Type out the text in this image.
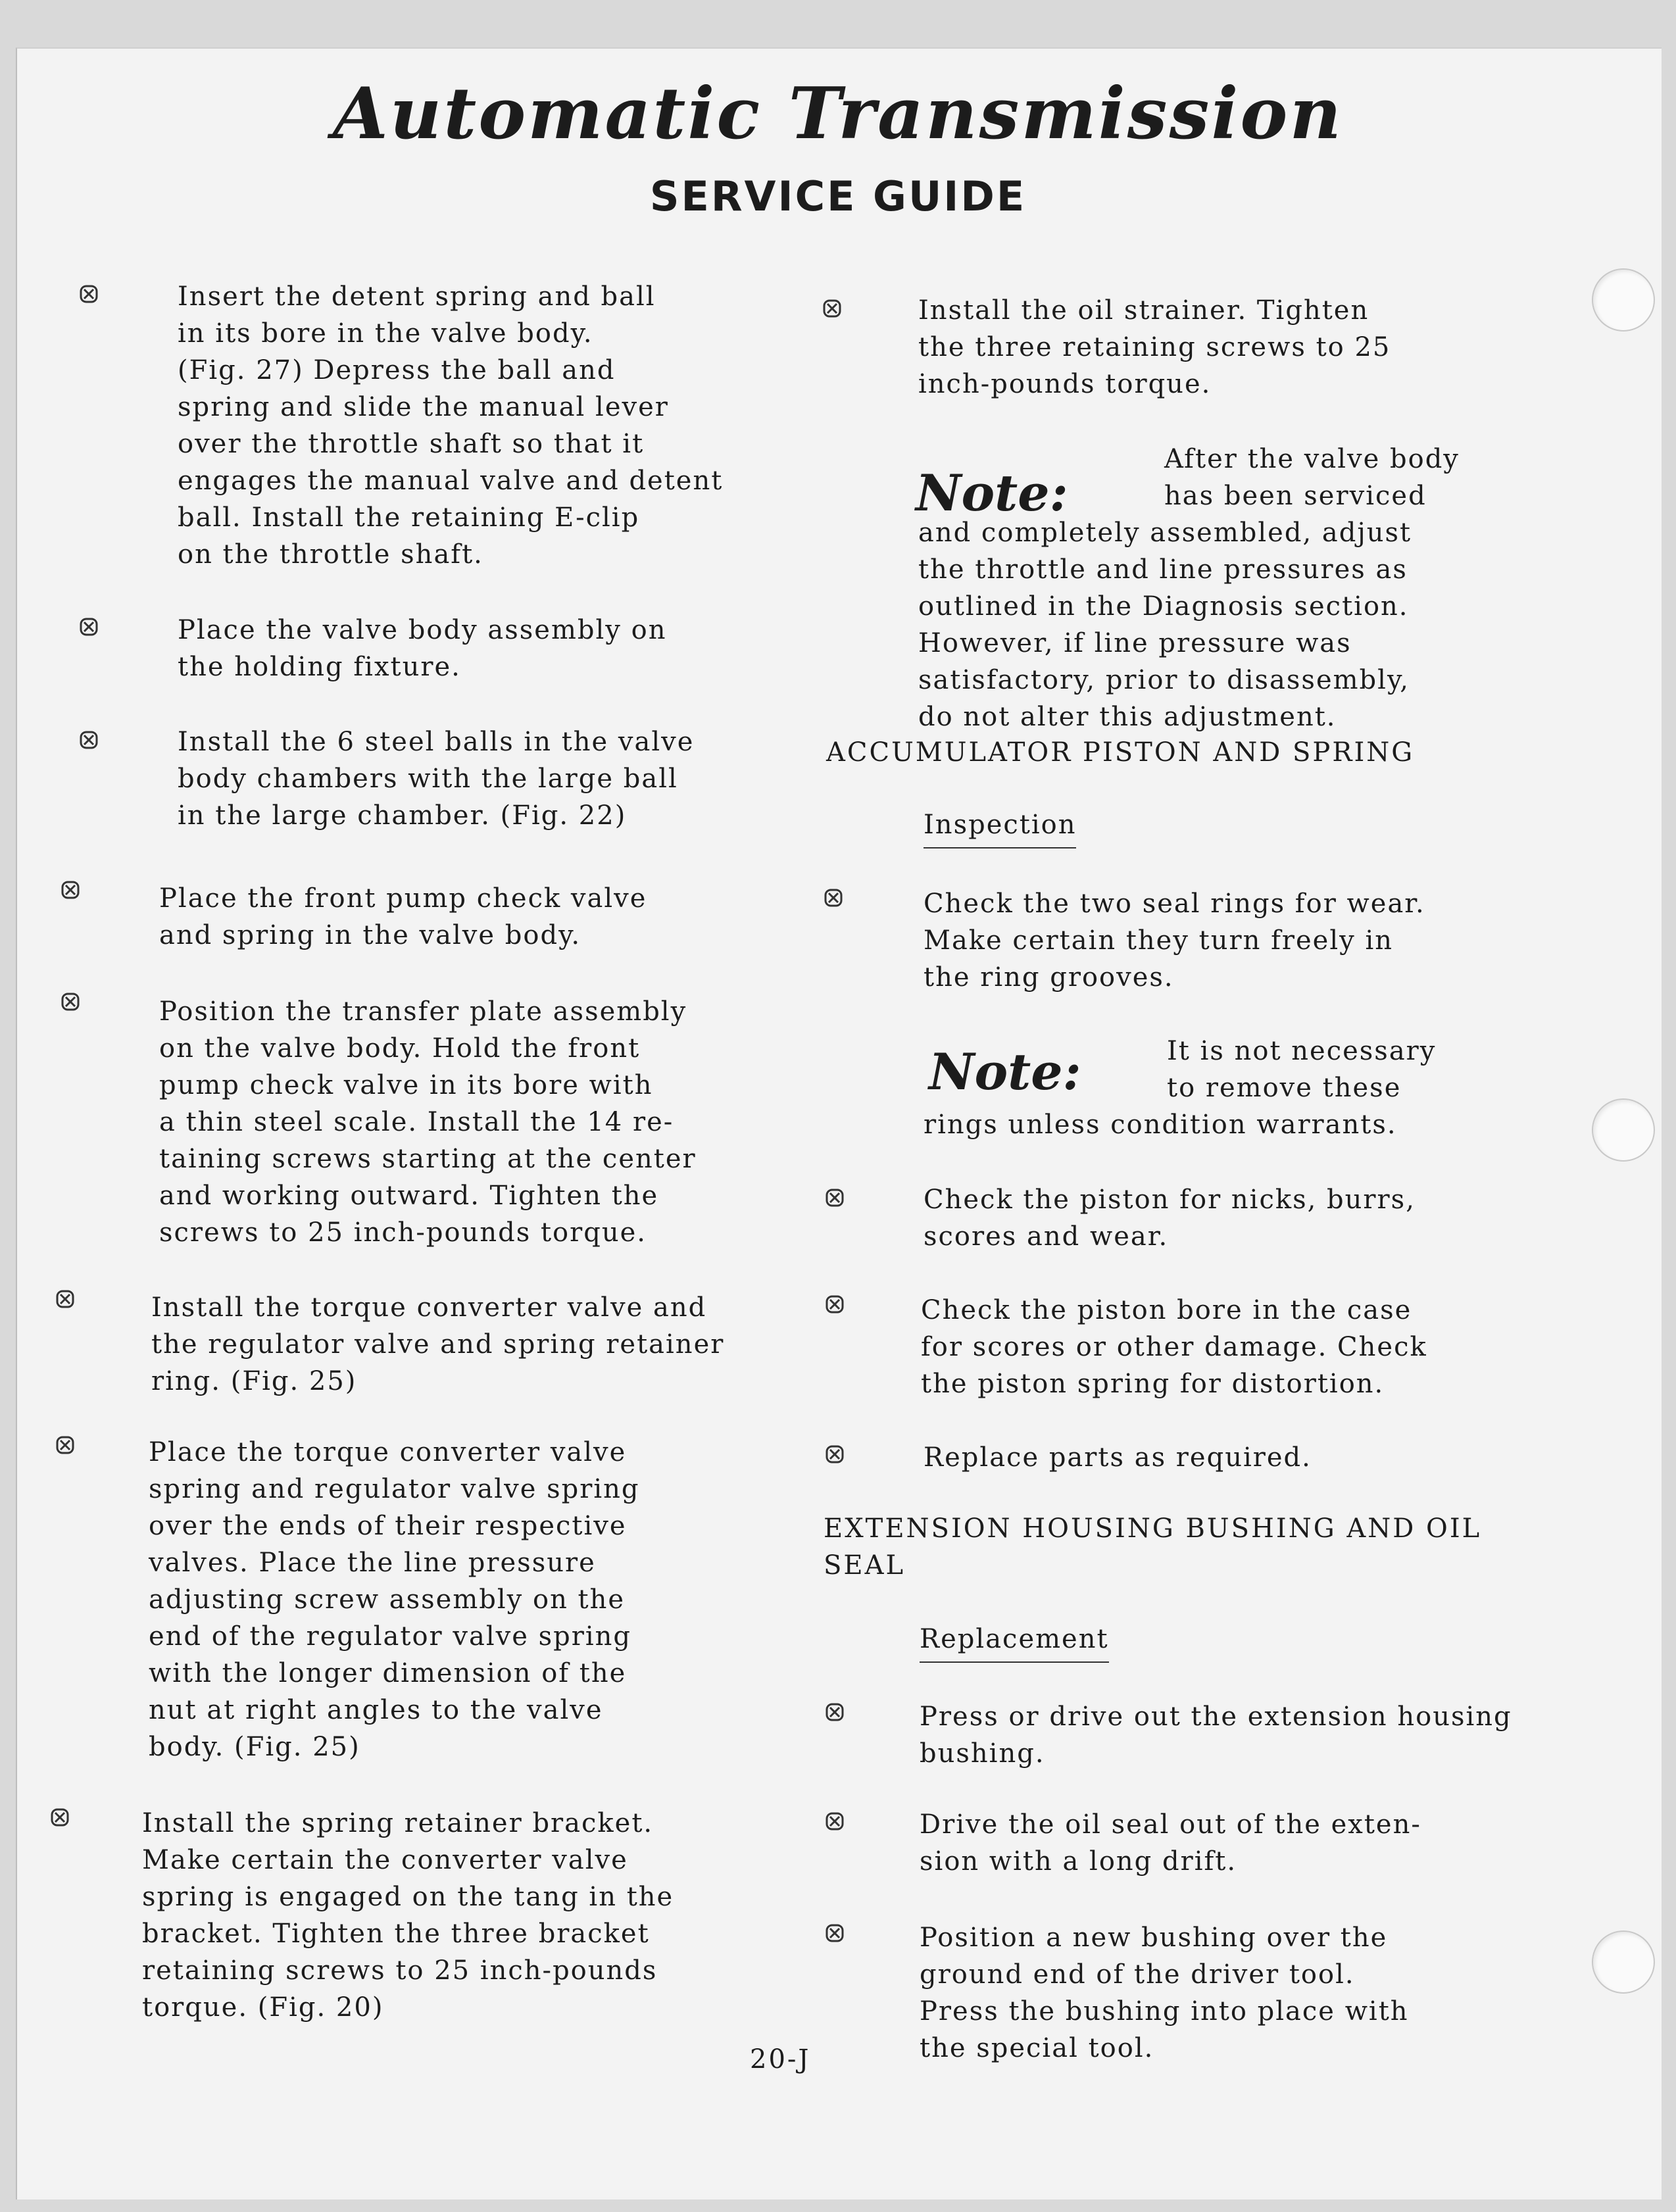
Automatic Transmission
SERVICE GUIDE

Insert the detent spring and ball
in its bore in the valve body.
(Fig. 27) Depress the ball and
spring and slide the manual lever
over the throttle shaft so that it
engages the manual valve and detent
ball. Install the retaining E-clip
on the throttle shaft.

Place the valve body assembly on
the holding fixture.

Install the 6 steel balls in the valve
body chambers with the large ball
in the large chamber. (Fig. 22)

Place the front pump check valve
and spring in the valve body.

Position the transfer plate assembly
on the valve body. Hold the front
pump check valve in its bore with
a thin steel scale. Install the 14 re-
taining screws starting at the center
and working outward. Tighten the
screws to 25 inch-pounds torque.

Install the torque converter valve and
the regulator valve and spring retainer
ring. (Fig. 25)

Place the torque converter valve
spring and regulator valve spring
over the ends of their respective
valves. Place the line pressure
adjusting screw assembly on the
end of the regulator valve spring
with the longer dimension of the
nut at right angles to the valve
body. (Fig. 25)

Install the spring retainer bracket.
Make certain the converter valve
spring is engaged on the tang in the
bracket. Tighten the three bracket
retaining screws to 25 inch-pounds
torque. (Fig. 20)

Install the oil strainer. Tighten
the three retaining screws to 25
inch-pounds torque.

Note:

After the valve body
has been serviced

and completely assembled, adjust
the throttle and line pressures as
outlined in the Diagnosis section.
However, if line pressure was
satisfactory, prior to disassembly,
do not alter this adjustment.

ACCUMULATOR PISTON AND SPRING
Inspection

Check the two seal rings for wear.
Make certain they turn freely in
the ring grooves.

Note:	It is not necessary
to remove these

rings unless condition warrants.

Check the piston for nicks, burrs,
scores and wear.

Check the piston bore in the case
for scores or other damage. Check
the piston spring for distortion.

Replace parts as required.

EXTENSION HOUSING BUSHING AND OIL
SEAL
Replacement

Press or drive out the extension housing
bushing.

Drive the oil seal out of the exten-
sion with a long drift.

Position a new bushing over the
ground end of the driver tool.
Press the bushing into place with
the special tool.

20-J
